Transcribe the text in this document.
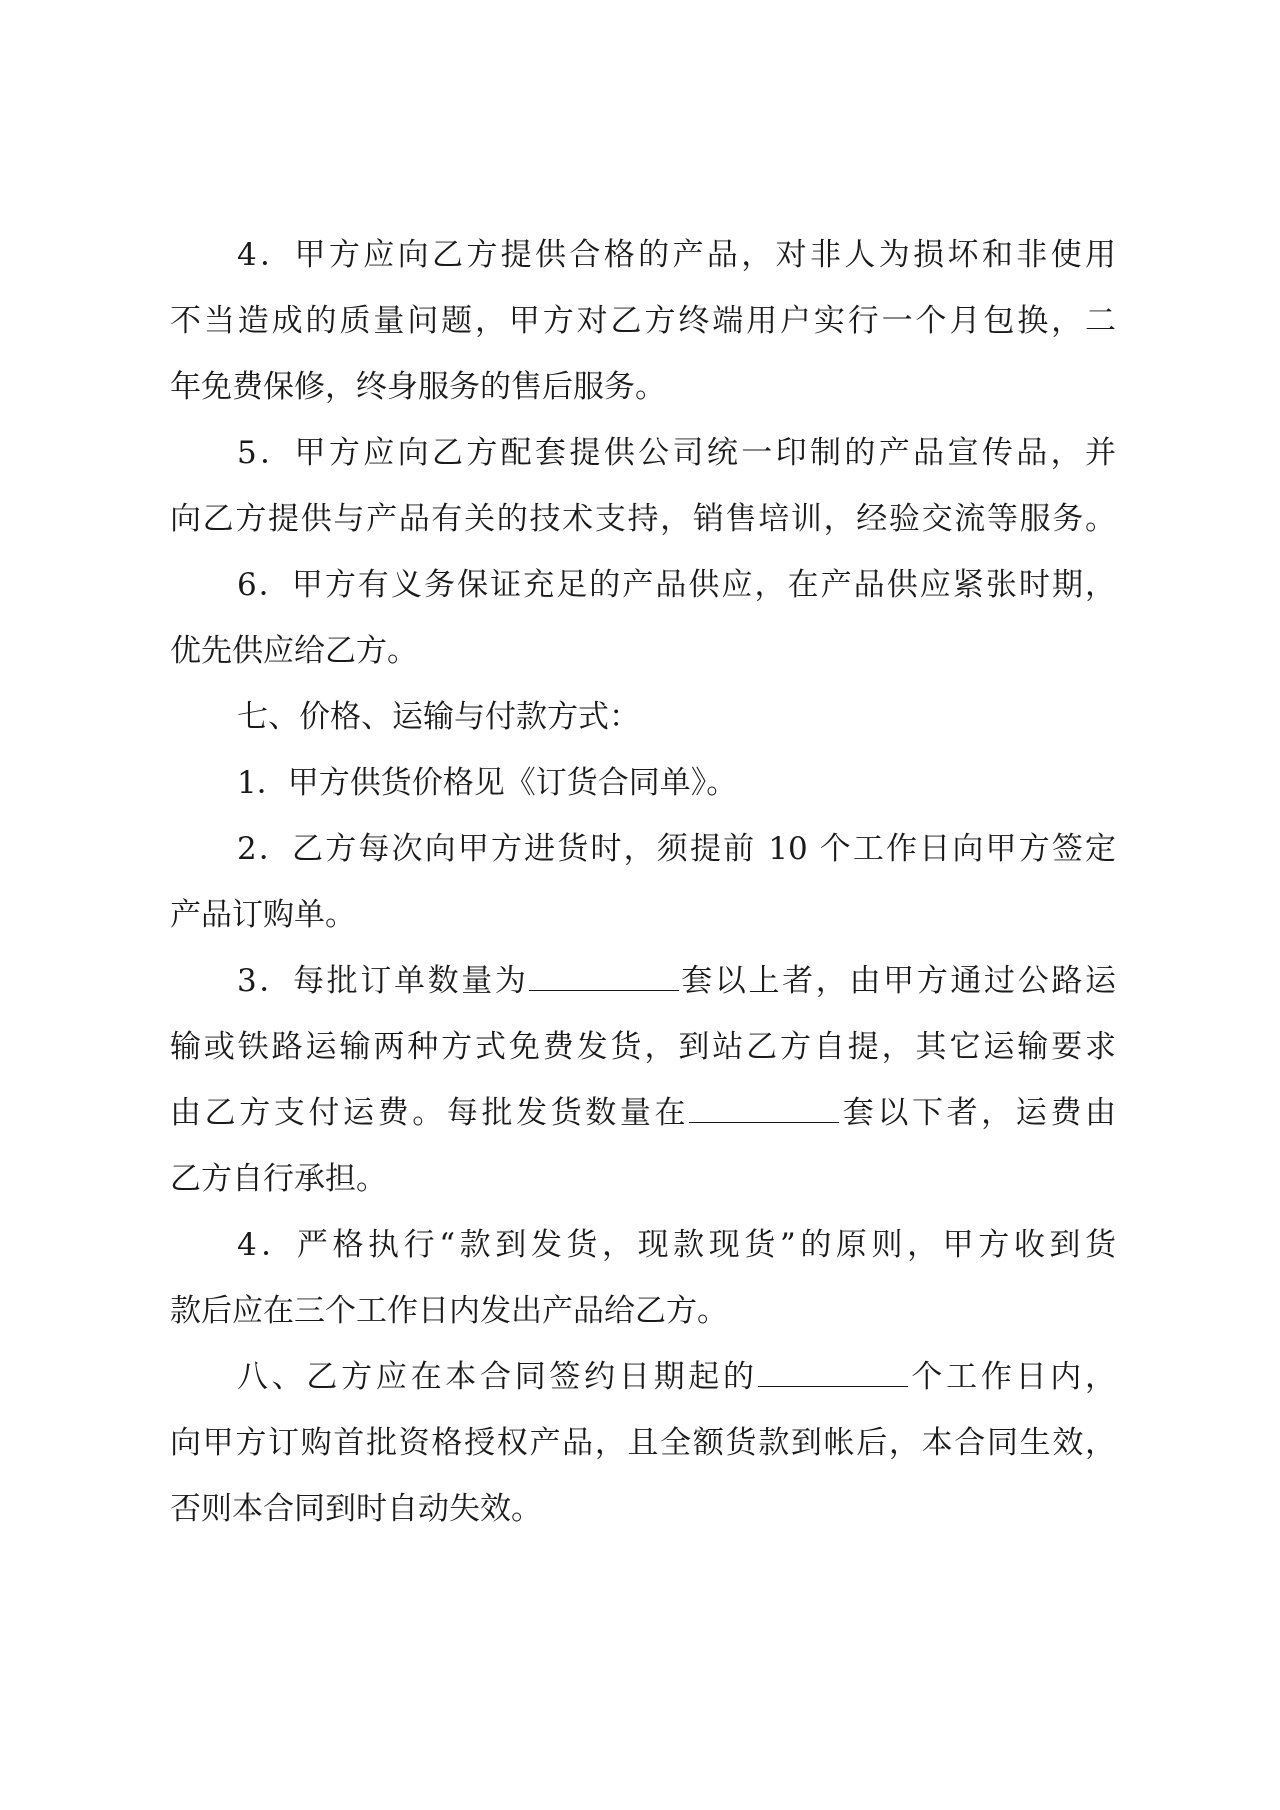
4．甲方应向乙方提供合格的产品，对非人为损坏和非使用
不当造成的质量问题，甲方对乙方终端用户实行一个月包换，二
年免费保修，终身服务的售后服务。
5．甲方应向乙方配套提供公司统一印制的产品宣传品，并
向乙方提供与产品有关的技术支持，销售培训，经验交流等服务。
6．甲方有义务保证充足的产品供应，在产品供应紧张时期，
优先供应给乙方。
七、价格、运输与付款方式：
1．甲方供货价格见《订货合同单》。
2．乙方每次向甲方进货时，须提前 10 个工作日向甲方签定
产品订购单。
3．每批订单数量为	套以上者，由甲方通过公路运
输或铁路运输两种方式免费发货，到站乙方自提，其它运输要求
由乙方支付运费。每批发货数量在	套以下者，运费由
乙方自行承担。
4．严格执行“款到发货，现款现货”的原则，甲方收到货
款后应在三个工作日内发出产品给乙方。
八、乙方应在本合同签约日期起的	个工作日内，
向甲方订购首批资格授权产品，且全额货款到帐后，本合同生效，
否则本合同到时自动失效。
